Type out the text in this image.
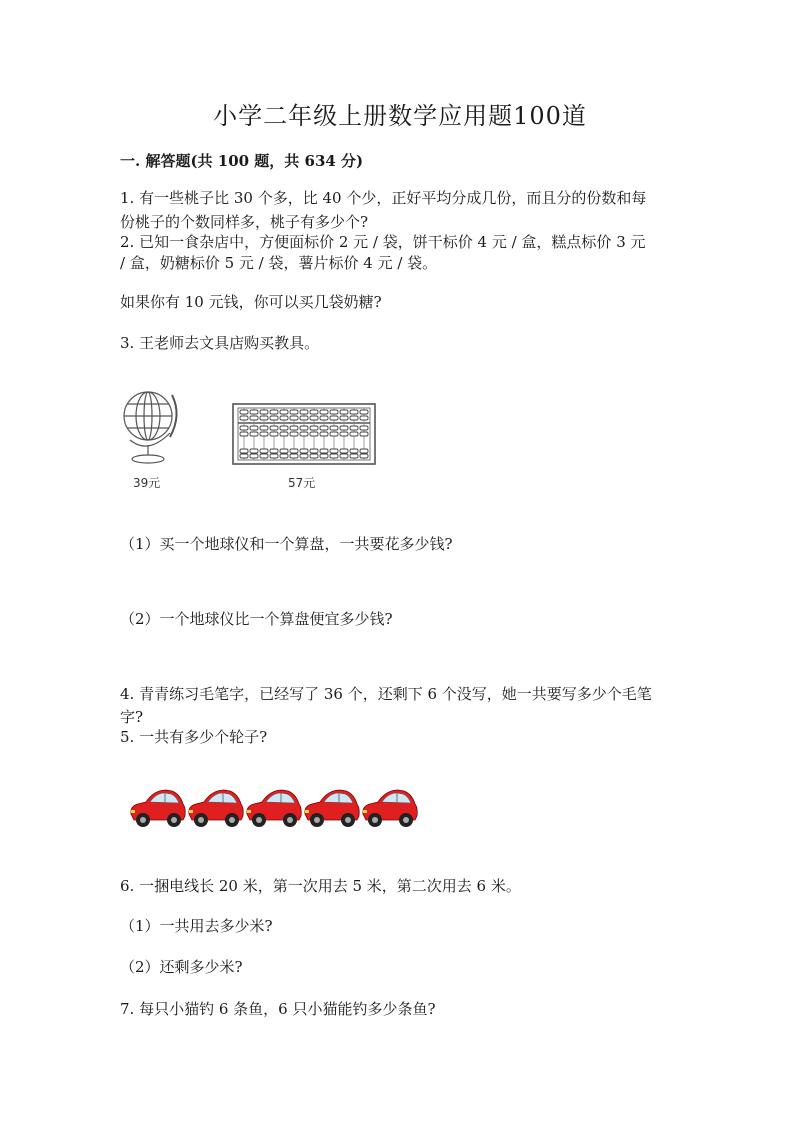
小学二年级上册数学应用题100道
一. 解答题(共 100 题，共 634 分)
1. 有一些桃子比 30 个多，比 40 个少，正好平均分成几份，而且分的份数和每
份桃子的个数同样多，桃子有多少个?
2. 已知一食杂店中，方便面标价 2 元 / 袋，饼干标价 4 元 / 盒，糕点标价 3 元
/ 盒，奶糖标价 5 元 / 袋，薯片标价 4 元 / 袋。
如果你有 10 元钱，你可以买几袋奶糖?
3. 王老师去文具店购买教具。
39元	57元
（1）买一个地球仪和一个算盘，一共要花多少钱?
（2）一个地球仪比一个算盘便宜多少钱?
4. 青青练习毛笔字，已经写了 36 个，还剩下 6 个没写，她一共要写多少个毛笔
字?
5. 一共有多少个轮子?
6. 一捆电线长 20 米，第一次用去 5 米，第二次用去 6 米。
（1）一共用去多少米?
（2）还剩多少米?
7. 每只小猫钓 6 条鱼，6 只小猫能钓多少条鱼?
